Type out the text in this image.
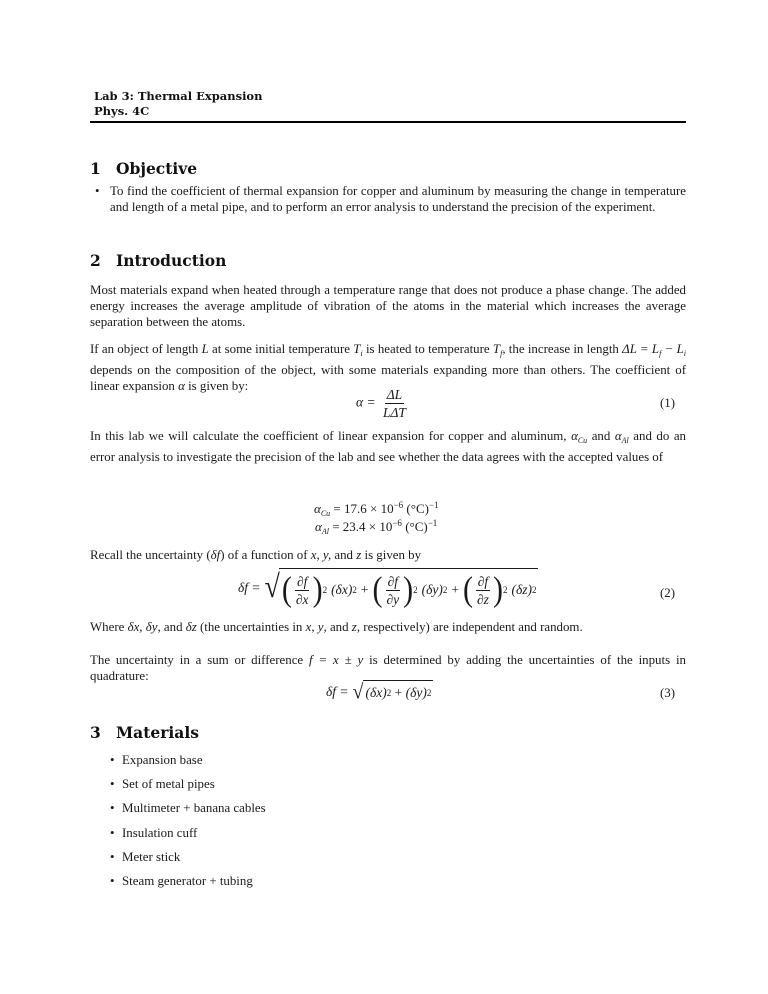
Lab 3: Thermal Expansion
Phys. 4C
1 Objective
• To find the coefficient of thermal expansion for copper and aluminum by measuring the change in temperature and length of a metal pipe, and to perform an error analysis to understand the precision of the experiment.
2 Introduction
Most materials expand when heated through a temperature range that does not produce a phase change. The added energy increases the average amplitude of vibration of the atoms in the material which increases the average separation between the atoms.
If an object of length L at some initial temperature $T_i$ is heated to temperature $T_f$, the increase in length $\Delta L = L_f - L_i$ depends on the composition of the object, with some materials expanding more than others. The coefficient of linear expansion α is given by:
$\alpha = \frac{\Delta L}{\text{LΔT}}$	(1)
In this lab we will calculate the coefficient of linear expansion for copper and aluminum, $\alpha_{Cu}$ and $\alpha_{Al}$ and do an error analysis to investigate the precision of the lab and see whether the data agrees with the accepted values of
$\alpha_{Cu} = 17.6 \times 10^{-6}$ $(^\circ C)^{-1}$
$\alpha_{Al} = 23.4 \times 10^{-6}$ $(^\circ C)^{-1}$
Recall the uncertainty (δf) of a function of x, y, and z is given by
δf = √ ( $\frac{\partial f}{\partial x}$ ) 2 (δx) 2 + ( $\frac{\partial f}{\partial y}$ ) 2 (δy) 2 + ( $\frac{\partial f}{\partial z}$ ) 2 (δz) 2	(2)
Where δx, δy, and δz (the uncertainties in x, y, and z, respectively) are independent and random.
The uncertainty in a sum or difference f = x ± y is determined by adding the uncertainties of the inputs in quadrature:
δf = √ (δx) 2 + (δy) 2	(3)
3 Materials
• Expansion base
• Set of metal pipes
• Multimeter + banana cables
• Insulation cuff
• Meter stick
• Steam generator + tubing
